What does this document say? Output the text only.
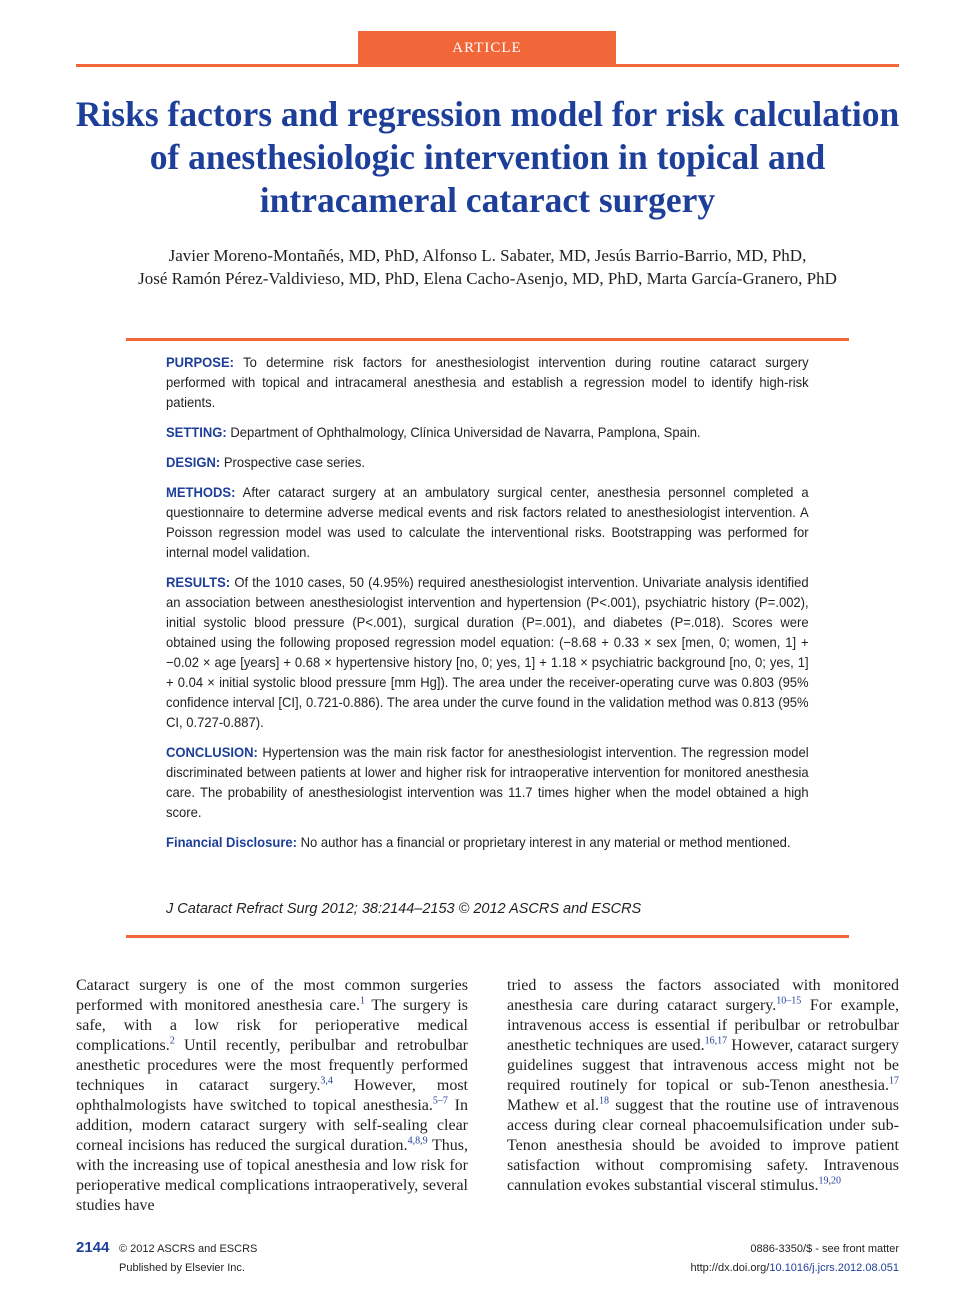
ARTICLE
Risks factors and regression model for risk calculation of anesthesiologic intervention in topical and intracameral cataract surgery
Javier Moreno-Montañés, MD, PhD, Alfonso L. Sabater, MD, Jesús Barrio-Barrio, MD, PhD,
José Ramón Pérez-Valdivieso, MD, PhD, Elena Cacho-Asenjo, MD, PhD, Marta García-Granero, PhD

PURPOSE: To determine risk factors for anesthesiologist intervention during routine cataract surgery performed with topical and intracameral anesthesia and establish a regression model to identify high-risk patients.

SETTING: Department of Ophthalmology, Clínica Universidad de Navarra, Pamplona, Spain.

DESIGN: Prospective case series.

METHODS: After cataract surgery at an ambulatory surgical center, anesthesia personnel completed a questionnaire to determine adverse medical events and risk factors related to anesthesiologist intervention. A Poisson regression model was used to calculate the interventional risks. Bootstrapping was performed for internal model validation.

RESULTS: Of the 1010 cases, 50 (4.95%) required anesthesiologist intervention. Univariate analysis identified an association between anesthesiologist intervention and hypertension (P<.001), psychiatric history (P=.002), initial systolic blood pressure (P<.001), surgical duration (P=.001), and diabetes (P=.018). Scores were obtained using the following proposed regression model equation: (−8.68 + 0.33 × sex [men, 0; women, 1] + −0.02 × age [years] + 0.68 × hypertensive history [no, 0; yes, 1] + 1.18 × psychiatric background [no, 0; yes, 1] + 0.04 × initial systolic blood pressure [mm Hg]). The area under the receiver-operating curve was 0.803 (95% confidence interval [CI], 0.721-0.886). The area under the curve found in the validation method was 0.813 (95% CI, 0.727-0.887).

CONCLUSION: Hypertension was the main risk factor for anesthesiologist intervention. The regression model discriminated between patients at lower and higher risk for intraoperative intervention for monitored anesthesia care. The probability of anesthesiologist intervention was 11.7 times higher when the model obtained a high score.

Financial Disclosure: No author has a financial or proprietary interest in any material or method mentioned.

J Cataract Refract Surg 2012; 38:2144–2153 © 2012 ASCRS and ESCRS

Cataract surgery is one of the most common surgeries performed with monitored anesthesia care.$^1$ The surgery is safe, with a low risk for perioperative medical complications.$^2$ Until recently, peribulbar and retrobulbar anesthetic procedures were the most frequently performed techniques in cataract surgery.$^{3,4}$ However, most ophthalmologists have switched to topical anesthesia.$^{5-7}$ In addition, modern cataract surgery with self-sealing clear corneal incisions has reduced the surgical duration.$^{4,8,9}$ Thus, with the increasing use of topical anesthesia and low risk for perioperative medical complications intraoperatively, several studies have

tried to assess the factors associated with monitored anesthesia care during cataract surgery.$^{10-15}$ For example, intravenous access is essential if peribulbar or retrobulbar anesthetic techniques are used.$^{16,17}$ However, cataract surgery guidelines suggest that intravenous access might not be required routinely for topical or sub-Tenon anesthesia.$^{17}$ Mathew et al.$^{18}$ suggest that the routine use of intravenous access during clear corneal phacoemulsification under sub-Tenon anesthesia should be avoided to improve patient satisfaction without compromising safety. Intravenous cannulation evokes substantial visceral stimulus.$^{19,20}$

2144 © 2012 ASCRS and ESCRS

Published by Elsevier Inc.

0886-3350/$ - see front matter

http://dx.doi.org/10.1016/j.jcrs.2012.08.051
